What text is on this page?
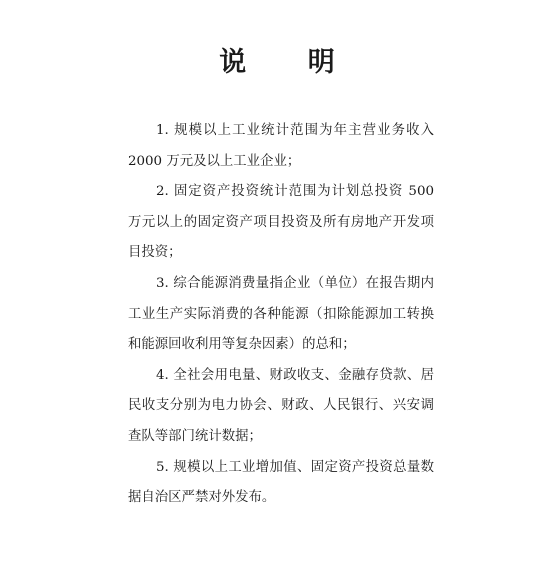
说 明

1. 规模以上工业统计范围为年主营业务收入2000 万元及以上工业企业；

2. 固定资产投资统计范围为计划总投资 500 万元以上的固定资产项目投资及所有房地产开发项目投资；

3. 综合能源消费量指企业（单位）在报告期内工业生产实际消费的各种能源（扣除能源加工转换和能源回收利用等复杂因素）的总和；

4. 全社会用电量、财政收支、金融存贷款、居民收支分别为电力协会、财政、人民银行、兴安调查队等部门统计数据；

5. 规模以上工业增加值、固定资产投资总量数据自治区严禁对外发布。
